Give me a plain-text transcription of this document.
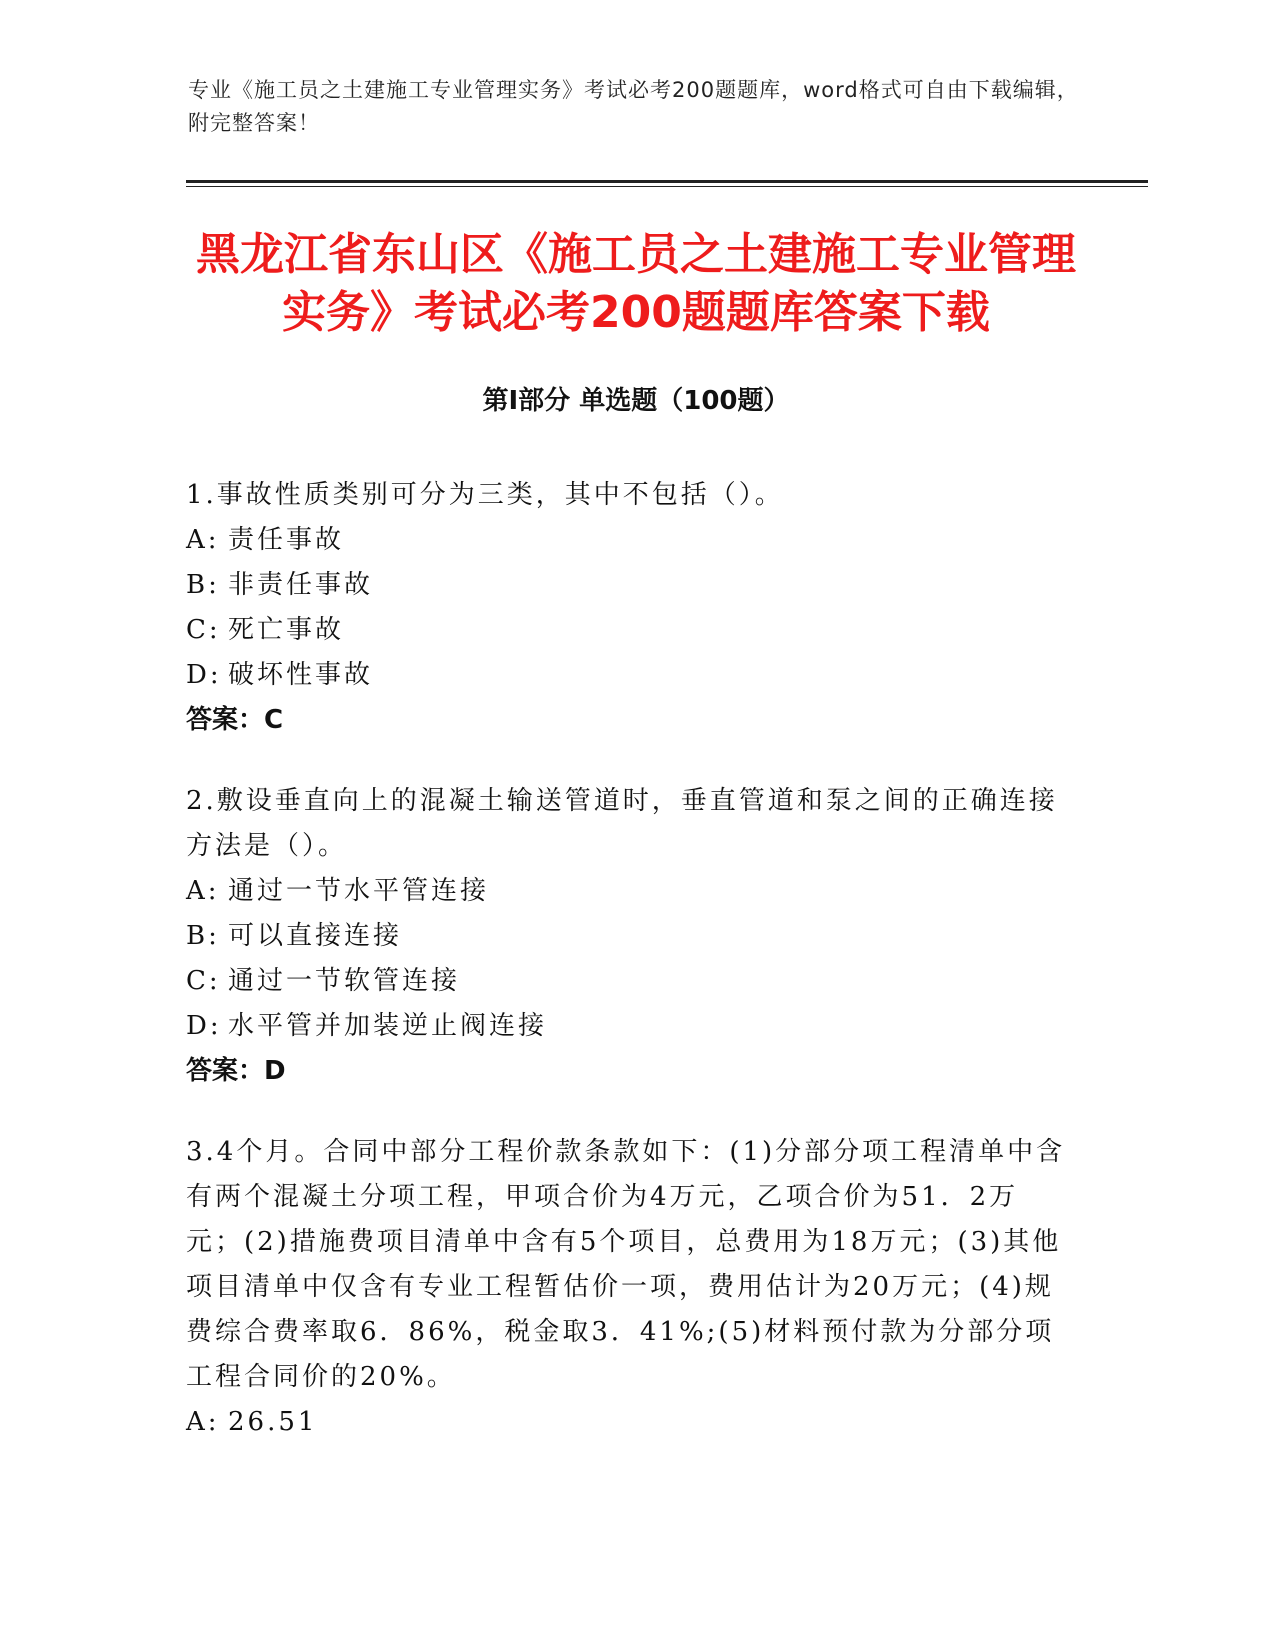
专业《施工员之土建施工专业管理实务》考试必考200题题库，word格式可自由下载编辑，附完整答案！
黑龙江省东山区《施工员之土建施工专业管理实务》考试必考200题题库答案下载
第Ⅰ部分 单选题（100题）

1.事故性质类别可分为三类，其中不包括（）。

A: 责任事故

B: 非责任事故

C: 死亡事故

D: 破坏性事故

答案：C

2.敷设垂直向上的混凝土输送管道时，垂直管道和泵之间的正确连接方法是（）。

A: 通过一节水平管连接

B: 可以直接连接

C: 通过一节软管连接

D: 水平管并加装逆止阀连接

答案：D

3.4个月。合同中部分工程价款条款如下：(1)分部分项工程清单中含有两个混凝土分项工程，甲项合价为4万元，乙项合价为51．2万元；(2)措施费项目清单中含有5个项目，总费用为18万元；(3)其他项目清单中仅含有专业工程暂估价一项，费用估计为20万元；(4)规费综合费率取6．86%，税金取3．41%;(5)材料预付款为分部分项工程合同价的20%。

A: 26.51
